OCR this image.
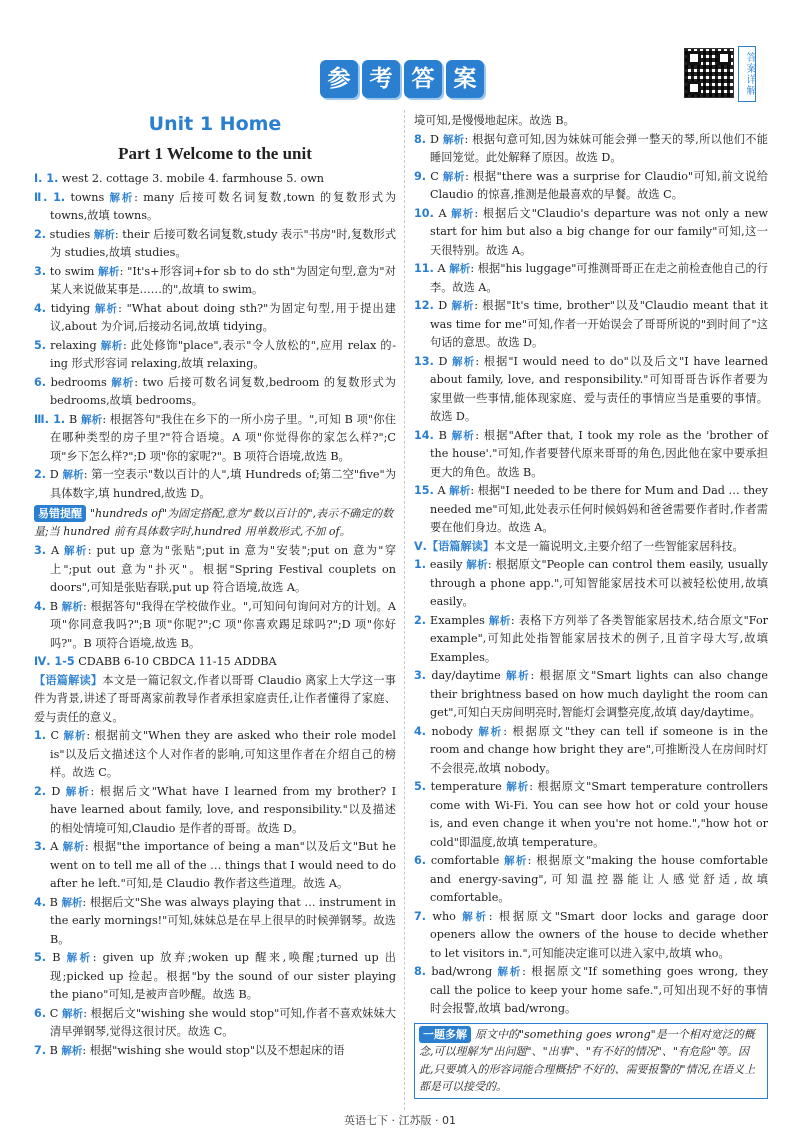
参 考 答 案	答案详解
Unit 1 Home
Part 1 Welcome to the unit
Ⅰ. 1. west 2. cottage 3. mobile 4. farmhouse 5. own
Ⅱ. 1. towns 解析: many 后接可数名词复数,town 的复数形式为 towns,故填 towns。
2. studies 解析: their 后接可数名词复数,study 表示"书房"时,复数形式为 studies,故填 studies。
3. to swim 解析: "It's+形容词+for sb to do sth"为固定句型,意为"对某人来说做某事是……的",故填 to swim。
4. tidying 解析: "What about doing sth?"为固定句型,用于提出建议,about 为介词,后接动名词,故填 tidying。
5. relaxing 解析: 此处修饰"place",表示"令人放松的",应用 relax 的-ing 形式形容词 relaxing,故填 relaxing。
6. bedrooms 解析: two 后接可数名词复数,bedroom 的复数形式为 bedrooms,故填 bedrooms。
Ⅲ. 1. B 解析: 根据答句"我住在乡下的一所小房子里。",可知 B 项"你住在哪种类型的房子里?"符合语境。A 项"你觉得你的家怎么样?";C 项"乡下怎么样?";D 项"你的家呢?"。B 项符合语境,故选 B。
2. D 解析: 第一空表示"数以百计的人",填 Hundreds of;第二空"five"为具体数字,填 hundred,故选 D。
易错提醒 "hundreds of"为固定搭配,意为"数以百计的",表示不确定的数量;当 hundred 前有具体数字时,hundred 用单数形式,不加 of。
3. A 解析: put up 意为"张贴";put in 意为"安装";put on 意为"穿上";put out 意为"扑灭"。根据"Spring Festival couplets on doors",可知是张贴春联,put up 符合语境,故选 A。
4. B 解析: 根据答句"我得在学校做作业。",可知问句询问对方的计划。A 项"你同意我吗?";B 项"你呢?";C 项"你喜欢踢足球吗?";D 项"你好吗?"。B 项符合语境,故选 B。
Ⅳ. 1-5 CDABB 6-10 CBDCA 11-15 ADDBA
【语篇解读】本文是一篇记叙文,作者以哥哥 Claudio 离家上大学这一事件为背景,讲述了哥哥离家前教导作者承担家庭责任,让作者懂得了家庭、爱与责任的意义。
1. C 解析: 根据前文"When they are asked who their role model is"以及后文描述这个人对作者的影响,可知这里作者在介绍自己的榜样。故选 C。
2. D 解析: 根据后文"What have I learned from my brother? I have learned about family, love, and responsibility."以及描述的相处情境可知,Claudio 是作者的哥哥。故选 D。
3. A 解析: 根据"the importance of being a man"以及后文"But he went on to tell me all of the … things that I would need to do after he left."可知,是 Claudio 教作者这些道理。故选 A。
4. B 解析: 根据后文"She was always playing that … instrument in the early mornings!"可知,妹妹总是在早上很早的时候弹钢琴。故选 B。
5. B 解析: given up 放弃;woken up 醒来,唤醒;turned up 出现;picked up 捡起。根据"by the sound of our sister playing the piano"可知,是被声音吵醒。故选 B。
6. C 解析: 根据后文"wishing she would stop"可知,作者不喜欢妹妹大清早弹钢琴,觉得这很讨厌。故选 C。
7. B 解析: 根据"wishing she would stop"以及不想起床的语
境可知,是慢慢地起床。故选 B。
8. D 解析: 根据句意可知,因为妹妹可能会弹一整天的琴,所以他们不能睡回笼觉。此处解释了原因。故选 D。
9. C 解析: 根据"there was a surprise for Claudio"可知,前文说给 Claudio 的惊喜,推测是他最喜欢的早餐。故选 C。
10. A 解析: 根据后文"Claudio's departure was not only a new start for him but also a big change for our family"可知,这一天很特别。故选 A。
11. A 解析: 根据"his luggage"可推测哥哥正在走之前检查他自己的行李。故选 A。
12. D 解析: 根据"It's time, brother"以及"Claudio meant that it was time for me"可知,作者一开始误会了哥哥所说的"到时间了"这句话的意思。故选 D。
13. D 解析: 根据"I would need to do"以及后文"I have learned about family, love, and responsibility."可知哥哥告诉作者要为家里做一些事情,能体现家庭、爱与责任的事情应当是重要的事情。故选 D。
14. B 解析: 根据"After that, I took my role as the 'brother of the house'."可知,作者要替代原来哥哥的角色,因此他在家中要承担更大的角色。故选 B。
15. A 解析: 根据"I needed to be there for Mum and Dad … they needed me"可知,此处表示任何时候妈妈和爸爸需要作者时,作者需要在他们身边。故选 A。
Ⅴ.【语篇解读】本文是一篇说明文,主要介绍了一些智能家居科技。
1. easily 解析: 根据原文"People can control them easily, usually through a phone app.",可知智能家居技术可以被轻松使用,故填 easily。
2. Examples 解析: 表格下方列举了各类智能家居技术,结合原文"For example",可知此处指智能家居技术的例子,且首字母大写,故填 Examples。
3. day/daytime 解析: 根据原文"Smart lights can also change their brightness based on how much daylight the room can get",可知白天房间明亮时,智能灯会调整亮度,故填 day/daytime。
4. nobody 解析: 根据原文"they can tell if someone is in the room and change how bright they are",可推断没人在房间时灯不会很亮,故填 nobody。
5. temperature 解析: 根据原文"Smart temperature controllers come with Wi-Fi. You can see how hot or cold your house is, and even change it when you're not home.","how hot or cold"即温度,故填 temperature。
6. comfortable 解析: 根据原文"making the house comfortable and energy-saving",可知温控器能让人感觉舒适,故填 comfortable。
7. who 解析: 根据原文"Smart door locks and garage door openers allow the owners of the house to decide whether to let visitors in.",可知能决定谁可以进入家中,故填 who。
8. bad/wrong 解析: 根据原文"If something goes wrong, they call the police to keep your home safe.",可知出现不好的事情时会报警,故填 bad/wrong。
一题多解 原文中的"something goes wrong"是一个相对宽泛的概念,可以理解为"出问题"、"出事"、"有不好的情况"、"有危险"等。因此,只要填入的形容词能合理概括"不好的、需要报警的"情况,在语义上都是可以接受的。
英语七下 · 江苏版 · 01
